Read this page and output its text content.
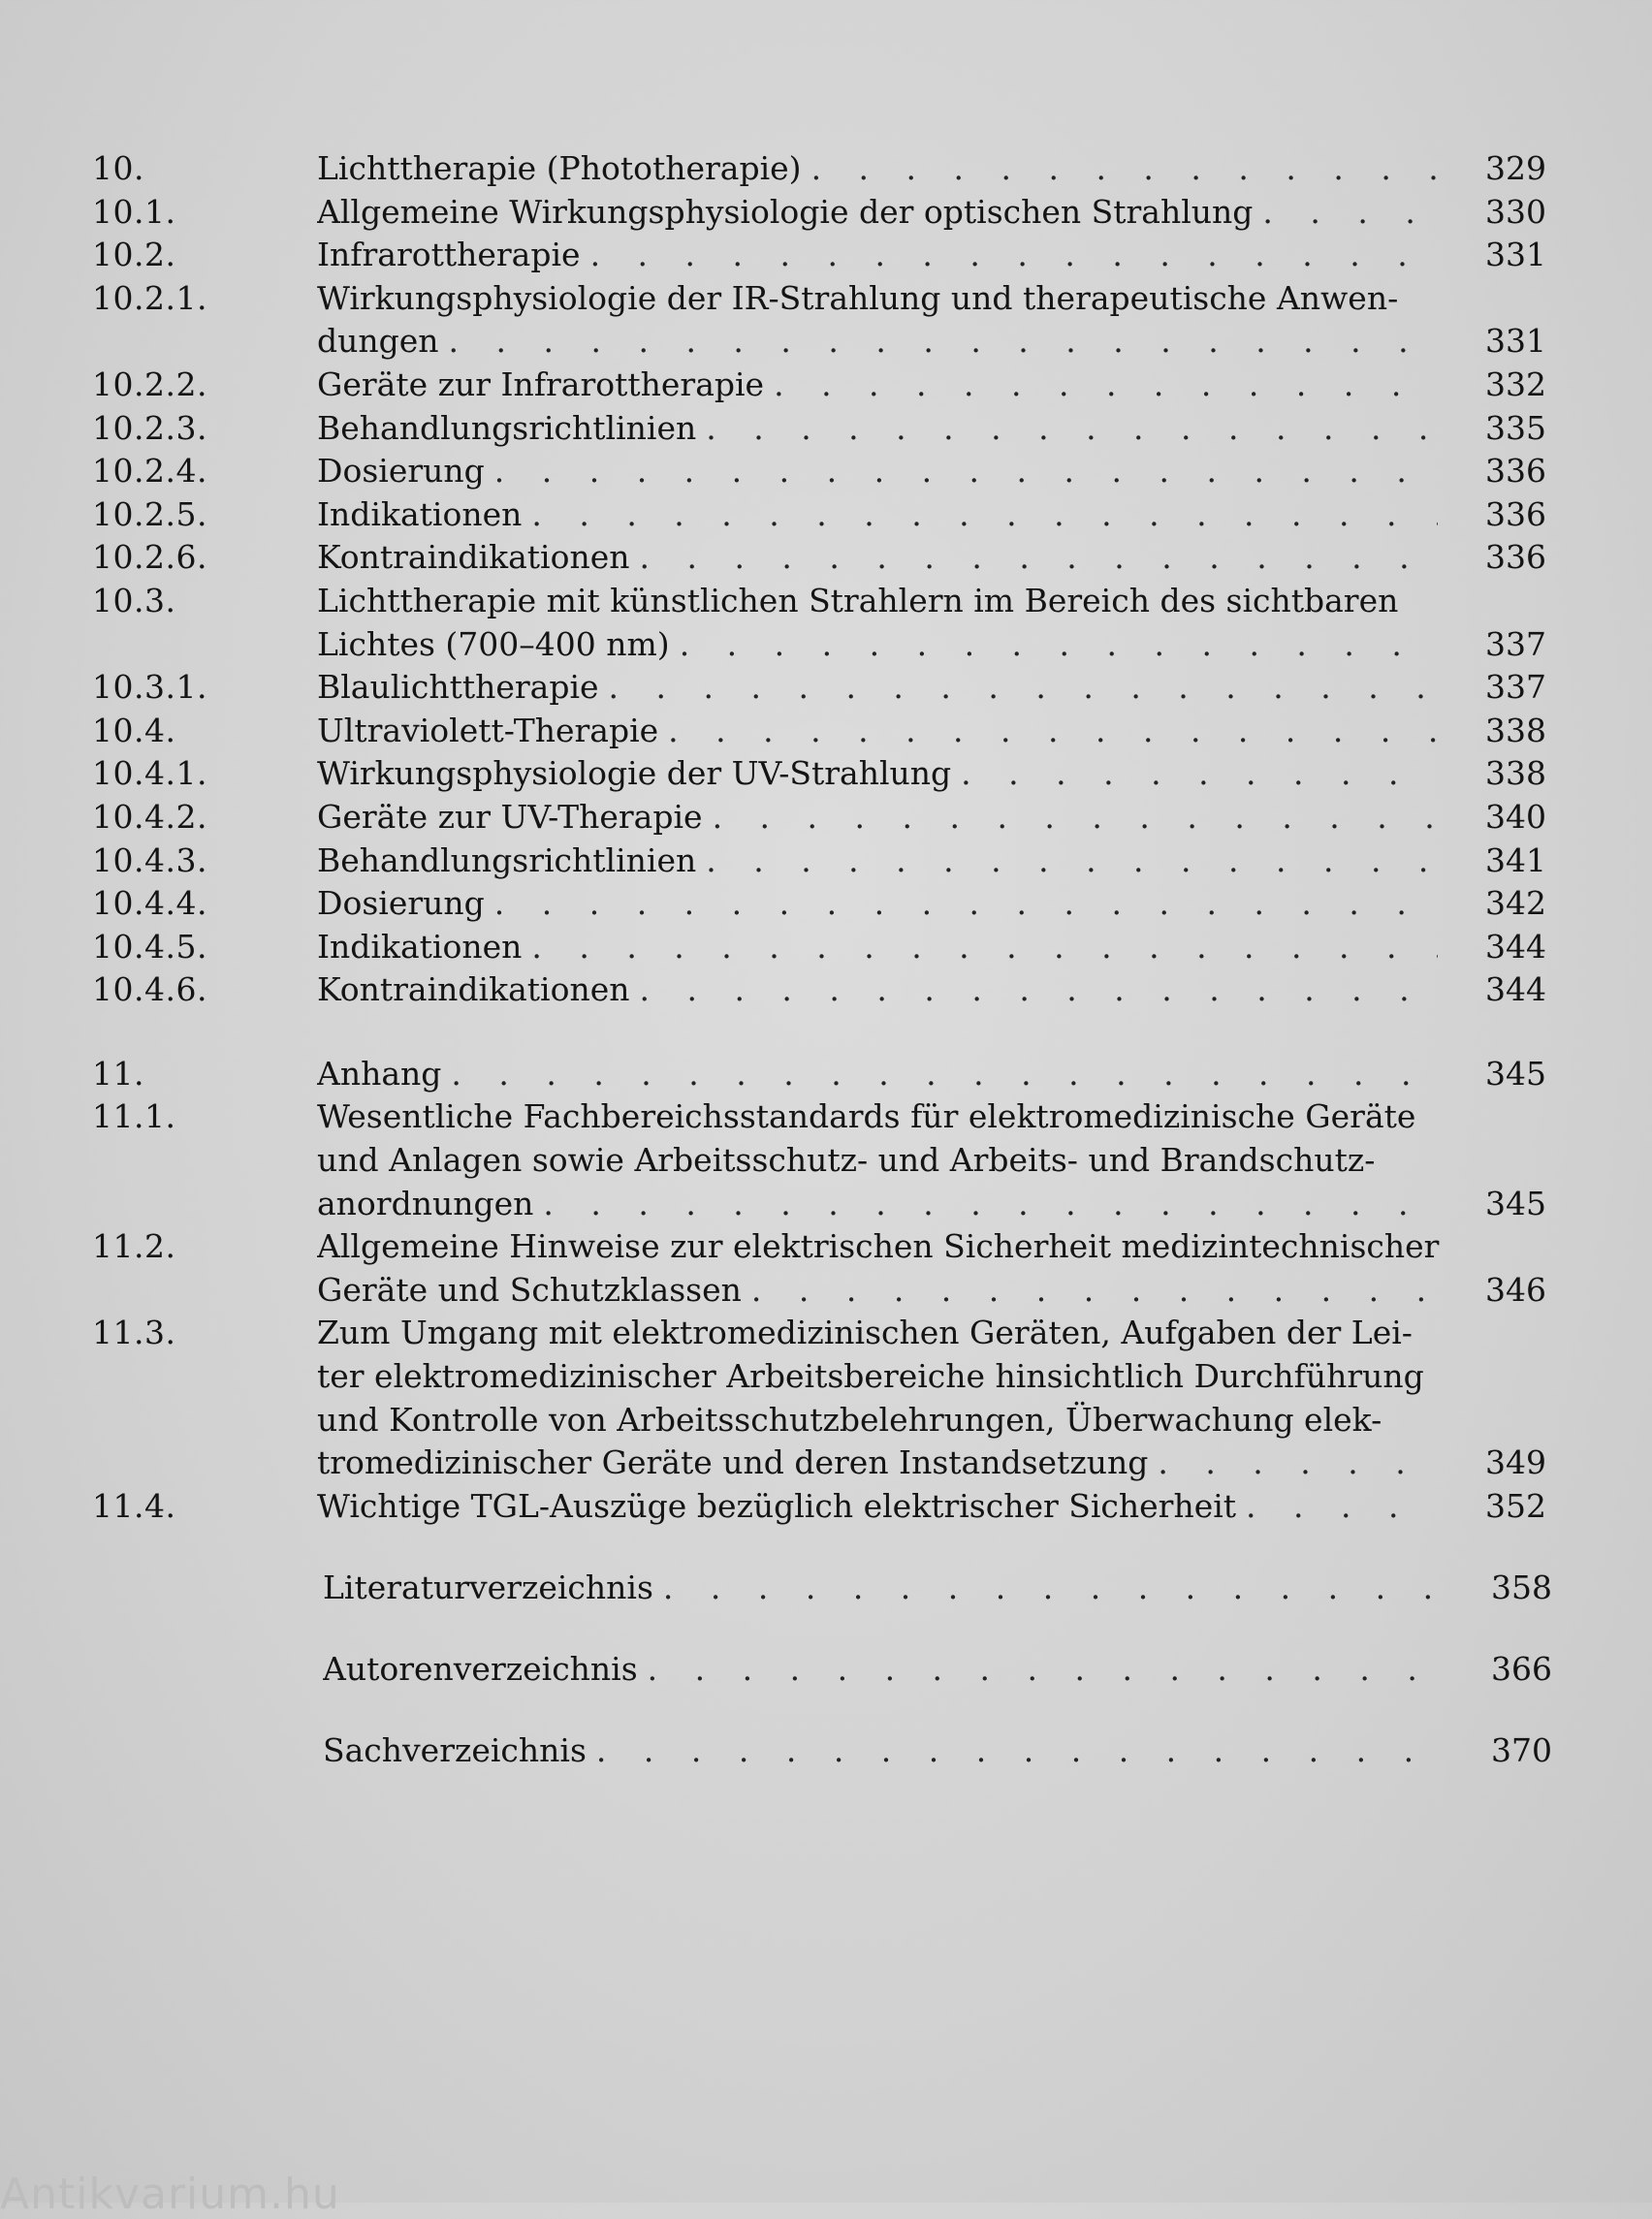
10.	Lichttherapie (Phototherapie) . . .	329
10.1.	Allgemeine Wirkungsphysiologie der optischen Strahlung . . .	330
10.2.	Infrarottherapie . . .	331
10.2.1.	Wirkungsphysiologie der IR-Strahlung und therapeutische Anwen-
dungen . . .	331
10.2.2.	Geräte zur Infrarottherapie . . .	332
10.2.3.	Behandlungsrichtlinien . . .	335
10.2.4.	Dosierung . . .	336
10.2.5.	Indikationen . . .	336
10.2.6.	Kontraindikationen . . .	336
10.3.	Lichttherapie mit künstlichen Strahlern im Bereich des sichtbaren
Lichtes (700–400 nm) . . .	337
10.3.1.	Blaulichttherapie . . .	337
10.4.	Ultraviolett-Therapie . . .	338
10.4.1.	Wirkungsphysiologie der UV-Strahlung . . .	338
10.4.2.	Geräte zur UV-Therapie . . .	340
10.4.3.	Behandlungsrichtlinien . . .	341
10.4.4.	Dosierung . . .	342
10.4.5.	Indikationen . . .	344
10.4.6.	Kontraindikationen . . .	344
11.	Anhang . . .	345
11.1.	Wesentliche Fachbereichsstandards für elektromedizinische Geräte
und Anlagen sowie Arbeitsschutz- und Arbeits- und Brandschutz-
anordnungen . . .	345
11.2.	Allgemeine Hinweise zur elektrischen Sicherheit medizintechnischer
Geräte und Schutzklassen . . .	346
11.3.	Zum Umgang mit elektromedizinischen Geräten, Aufgaben der Lei-
ter elektromedizinischer Arbeitsbereiche hinsichtlich Durchführung
und Kontrolle von Arbeitsschutzbelehrungen, Überwachung elek-
tromedizinischer Geräte und deren Instandsetzung . . .	349
11.4.	Wichtige TGL-Auszüge bezüglich elektrischer Sicherheit . . .	352
Literaturverzeichnis . . .	358
Autorenverzeichnis . . .	366
Sachverzeichnis . . .	370
Antikvarium.hu
